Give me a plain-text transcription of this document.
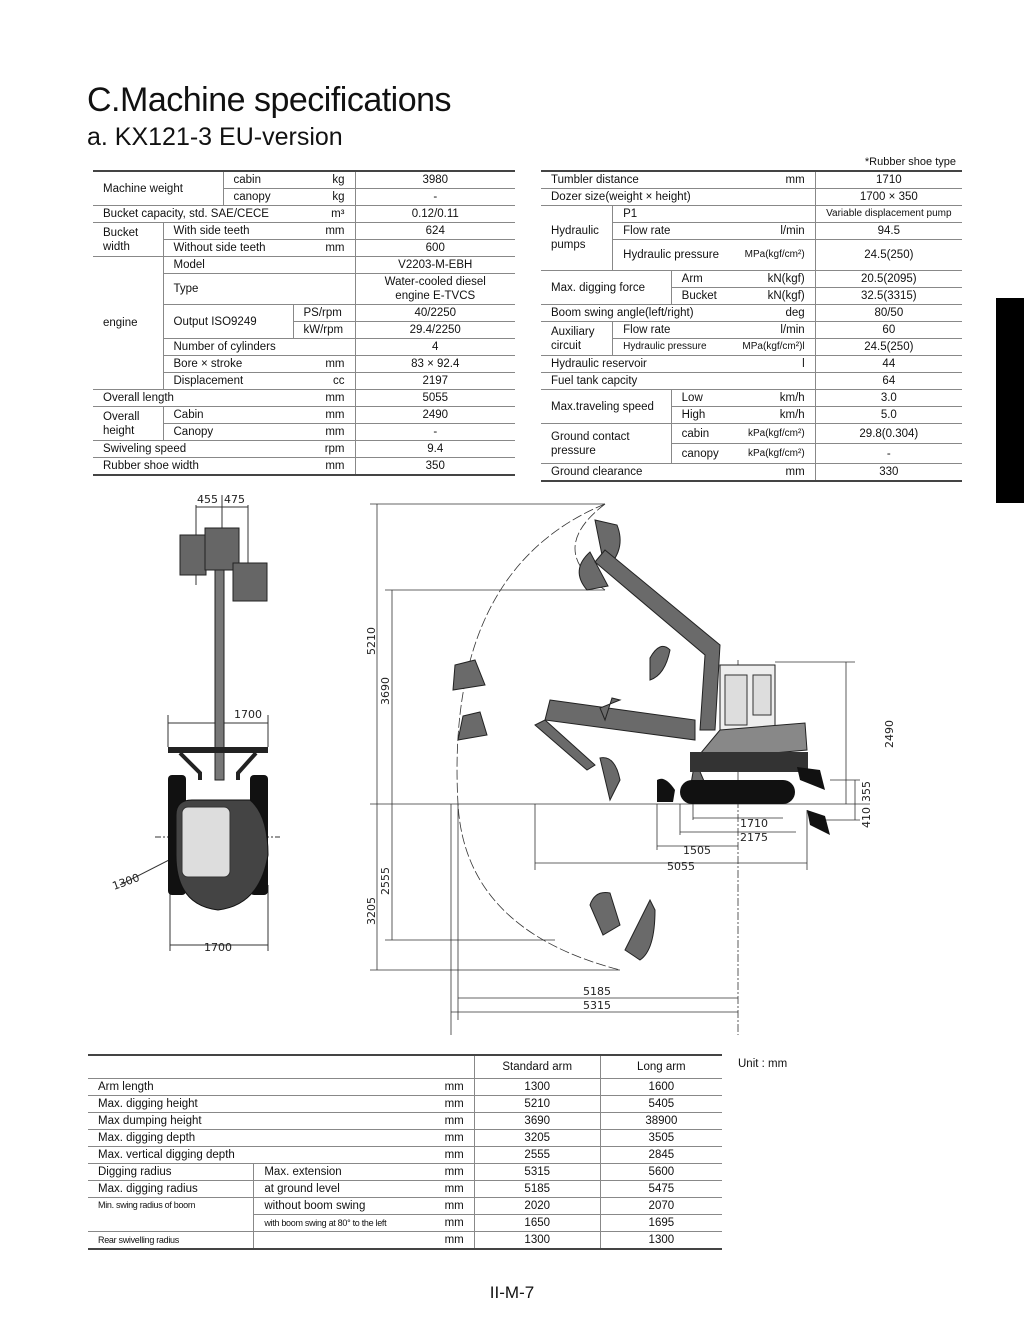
C.Machine specifications
a. KX121-3 EU-version
*Rubber shoe type
Machine weight		cabin	kg	3980
		canopy	kg	-
Bucket capacity, std. SAE/CECE			m³	0.12/0.11
Bucket width	With side teeth		mm	624
	Without side teeth		mm	600
engine	Model			V2203-M-EBH
	Type			Water-cooled diesel engine E-TVCS
	Output ISO9249		PS/rpm	40/2250
			kW/rpm	29.4/2250
	Number of cylinders			4
	Bore × stroke		mm	83 × 92.4
	Displacement		cc	2197
Overall length			mm	5055
Overall height	Cabin		mm	2490
	Canopy		mm	-
Swiveling speed			rpm	9.4
Rubber shoe width			mm	350
Tumbler distance			mm	1710
Dozer size(weight × height)				1700 × 350
Hydraulic pumps	P1			Variable displacement pump
	Flow rate		l/min	94.5
	Hydraulic pressure		MPa(kgf/cm²)	24.5(250)
Max. digging force		Arm	kN(kgf)	20.5(2095)
		Bucket	kN(kgf)	32.5(3315)
Boom swing angle(left/right)			deg	80/50
Auxiliary circuit	Flow rate		l/min	60
	Hydraulic pressure		MPa(kgf/cm²)l	24.5(250)
Hydraulic reservoir			l	44
Fuel tank capcity				64
Max.traveling speed		Low	km/h	3.0
		High	km/h	5.0
Ground contact pressure		cabin	kPa(kgf/cm²)	29.8(0.304)
		canopy	kPa(kgf/cm²)	-
Ground clearance			mm	330
455 475
1700
1700
1300
5210
3690
2490
355
410
1710
2175
1505
5055
3205
2555
5185
5315
			Standard arm	Long arm
Arm length		mm	1300	1600
Max. digging height		mm	5210	5405
Max dumping height		mm	3690	38900
Max. digging depth		mm	3205	3505
Max. vertical digging depth		mm	2555	2845
Digging radius	Max. extension	mm	5315	5600
Max. digging radius	at ground level	mm	5185	5475
Min. swing radius of boom	without boom swing	mm	2020	2070
	with boom swing at 80° to the left	mm	1650	1695
Rear swivelling radius		mm	1300	1300
Unit : mm
II-M-7
